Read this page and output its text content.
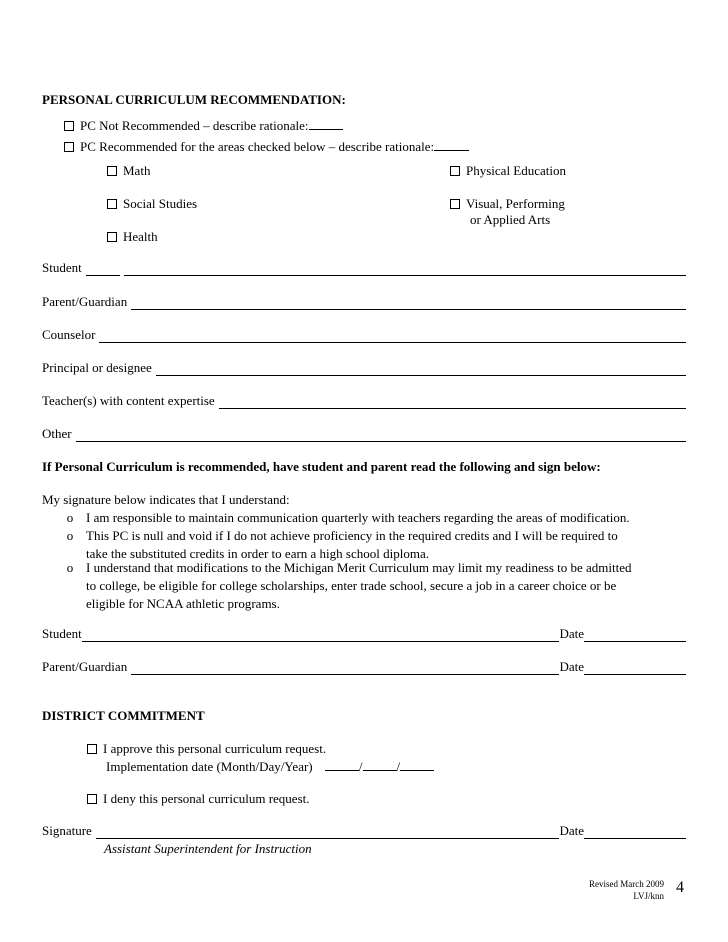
PERSONAL CURRICULUM RECOMMENDATION:
PC Not Recommended – describe rationale:
PC Recommended for the areas checked below – describe rationale:
Math
Social Studies
Health
Physical Education
Visual, Performing
or Applied Arts
Student
Parent/Guardian
Counselor
Principal or designee
Teacher(s) with content expertise
Other
If Personal Curriculum is recommended, have student and parent read the following and sign below:
My signature below indicates that I understand:
o I am responsible to maintain communication quarterly with teachers regarding the areas of modification.
o This PC is null and void if I do not achieve proficiency in the required credits and I will be required to
take the substituted credits in order to earn a high school diploma.
o I understand that modifications to the Michigan Merit Curriculum may limit my readiness to be admitted
to college, be eligible for college scholarships, enter trade school, secure a job in a career choice or be
eligible for NCAA athletic programs.
Student	Date
Parent/Guardian	Date
DISTRICT COMMITMENT
I approve this personal curriculum request.
Implementation date (Month/Day/Year)	/	/
I deny this personal curriculum request.
Signature	Date
Assistant Superintendent for Instruction
Revised March 2009
LVJ/knn 4
